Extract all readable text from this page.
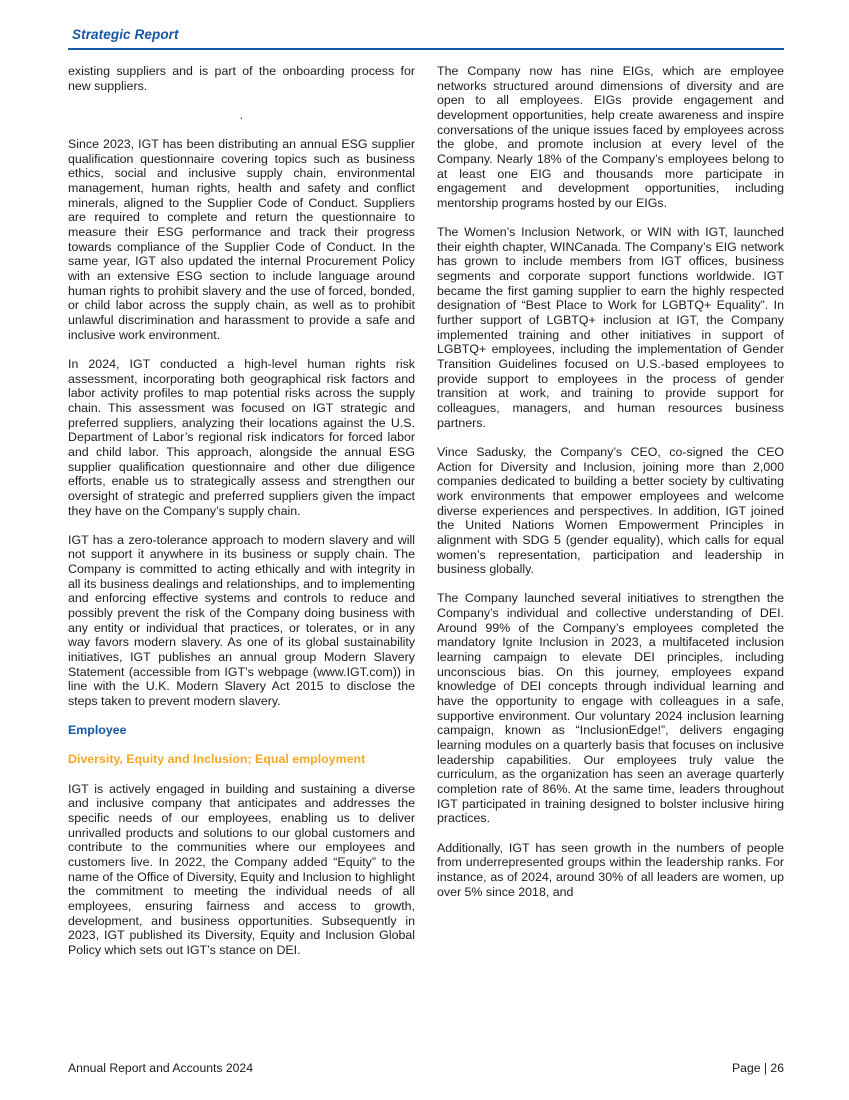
Strategic Report

existing suppliers and is part of the onboarding process for new suppliers.

.

Since 2023, IGT has been distributing an annual ESG supplier qualification questionnaire covering topics such as business ethics, social and inclusive supply chain, environmental management, human rights, health and safety and conflict minerals, aligned to the Supplier Code of Conduct. Suppliers are required to complete and return the questionnaire to measure their ESG performance and track their progress towards compliance of the Supplier Code of Conduct. In the same year, IGT also updated the internal Procurement Policy with an extensive ESG section to include language around human rights to prohibit slavery and the use of forced, bonded, or child labor across the supply chain, as well as to prohibit unlawful discrimination and harassment to provide a safe and inclusive work environment.

In 2024, IGT conducted a high-level human rights risk assessment, incorporating both geographical risk factors and labor activity profiles to map potential risks across the supply chain. This assessment was focused on IGT strategic and preferred suppliers, analyzing their locations against the U.S. Department of Labor’s regional risk indicators for forced labor and child labor. This approach, alongside the annual ESG supplier qualification questionnaire and other due diligence efforts, enable us to strategically assess and strengthen our oversight of strategic and preferred suppliers given the impact they have on the Company’s supply chain.

IGT has a zero-tolerance approach to modern slavery and will not support it anywhere in its business or supply chain. The Company is committed to acting ethically and with integrity in all its business dealings and relationships, and to implementing and enforcing effective systems and controls to reduce and possibly prevent the risk of the Company doing business with any entity or individual that practices, or tolerates, or in any way favors modern slavery. As one of its global sustainability initiatives, IGT publishes an annual group Modern Slavery Statement (accessible from IGT’s webpage (www.IGT.com)) in line with the U.K. Modern Slavery Act 2015 to disclose the steps taken to prevent modern slavery.

Employee

Diversity, Equity and Inclusion; Equal employment

IGT is actively engaged in building and sustaining a diverse and inclusive company that anticipates and addresses the specific needs of our employees, enabling us to deliver unrivalled products and solutions to our global customers and contribute to the communities where our employees and customers live. In 2022, the Company added “Equity” to the name of the Office of Diversity, Equity and Inclusion to highlight the commitment to meeting the individual needs of all employees, ensuring fairness and access to growth, development, and business opportunities. Subsequently in 2023, IGT published its Diversity, Equity and Inclusion Global Policy which sets out IGT’s stance on DEI.

The Company now has nine EIGs, which are employee networks structured around dimensions of diversity and are open to all employees. EIGs provide engagement and development opportunities, help create awareness and inspire conversations of the unique issues faced by employees across the globe, and promote inclusion at every level of the Company. Nearly 18% of the Company’s employees belong to at least one EIG and thousands more participate in engagement and development opportunities, including mentorship programs hosted by our EIGs.

The Women’s Inclusion Network, or WIN with IGT, launched their eighth chapter, WINCanada. The Company’s EIG network has grown to include members from IGT offices, business segments and corporate support functions worldwide. IGT became the first gaming supplier to earn the highly respected designation of “Best Place to Work for LGBTQ+ Equality”. In further support of LGBTQ+ inclusion at IGT, the Company implemented training and other initiatives in support of LGBTQ+ employees, including the implementation of Gender Transition Guidelines focused on U.S.-based employees to provide support to employees in the process of gender transition at work, and training to provide support for colleagues, managers, and human resources business partners.

Vince Sadusky, the Company’s CEO, co-signed the CEO Action for Diversity and Inclusion, joining more than 2,000 companies dedicated to building a better society by cultivating work environments that empower employees and welcome diverse experiences and perspectives. In addition, IGT joined the United Nations Women Empowerment Principles in alignment with SDG 5 (gender equality), which calls for equal women’s representation, participation and leadership in business globally.

The Company launched several initiatives to strengthen the Company’s individual and collective understanding of DEI. Around 99% of the Company’s employees completed the mandatory Ignite Inclusion in 2023, a multifaceted inclusion learning campaign to elevate DEI principles, including unconscious bias. On this journey, employees expand knowledge of DEI concepts through individual learning and have the opportunity to engage with colleagues in a safe, supportive environment. Our voluntary 2024 inclusion learning campaign, known as “InclusionEdge!”, delivers engaging learning modules on a quarterly basis that focuses on inclusive leadership capabilities. Our employees truly value the curriculum, as the organization has seen an average quarterly completion rate of 86%. At the same time, leaders throughout IGT participated in training designed to bolster inclusive hiring practices.

Additionally, IGT has seen growth in the numbers of people from underrepresented groups within the leadership ranks. For instance, as of 2024, around 30% of all leaders are women, up over 5% since 2018, and

Annual Report and Accounts 2024	Page | 26
